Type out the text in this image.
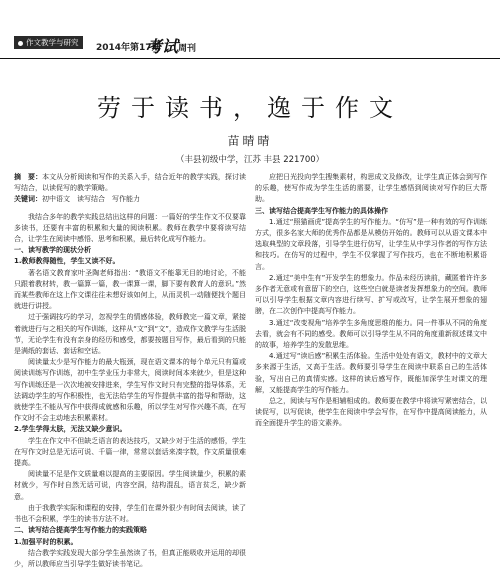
作文教学与研究
2014年第17期
考试 周刊
劳于读书，逸于作文
苗晴晴
（丰县初级中学，江苏 丰县 221700）

摘　要：本文从分析阅读和写作的关系入手，结合近年的教学实践，探讨读写结合，以读促写的教学策略。

关键词：初中语文　读写结合　写作能力

我结合多年的教学实践总结出这样的问题：一篇好的学生作文不仅要靠多读书，还要有丰富的积累和大量的阅读积累。教师在教学中要将读写结合，让学生在阅读中感悟、思考和积累，最后转化成写作能力。

一、读写教学的现状分析

1.教师教得随性，学生又读不好。

著名语文教育家叶圣陶老师指出：“教语文不能靠无目的地讨论，不能只跟着教材转，教一篇算一篇，教一课算一课，脚下要有教育人的意识。”然而某些教师在这上作文课往往未想好该如何上，从而灵机一动随便找个题目就进行讲授。

过于强调技巧的学习，忽视学生的情感体验，教师教完一篇文章，紧接着就进行与之相关的写作训练，这样从“文”到“文”，造成作文教学与生活脱节，无论学生有没有亲身的经历和感受，都要按题目写作，最后看到的只能是满纸的套话、套话和空话。

阅读量太少是写作能力的最大瓶颈，现在语文课本的每个单元只有篇或阅读训练写作训练，初中生学业压力非常大，阅读时间本来就少，但是这种写作训练还是一次次地被安排进来，学生写作文时只有完整的指导体系，无法调动学生的写作积极性，也无法给学生的写作提供丰富的指导和帮助，这就使学生不能从写作中获得成就感和乐趣，所以学生对写作兴趣不高，在写作文时不会主动地去积累素材。

2.学生学得太肤，无法又缺少意识。

学生在作文中不但缺乏语言的表达技巧，又缺少对于生活的感悟，学生在写作文时总是无话可说、千篇一律，常常以套话来凑字数，作文质量很难提高。

阅读量不足是作文质量难以提高的主要原因。学生阅读量少，积累的素材就少，写作时自然无话可说，内容空洞，结构混乱，语言贫乏，缺少新意。

由于我教学实际和课程的安排，学生们在课外很少有时间去阅读，读了书也不会积累，学生的读书方法不对。

二、读写结合提高学生写作能力的实践策略

1.加强平时的积累。

结合教学实践发现大部分学生虽然读了书，但真正能吸收并运用的却很少，所以教师应当引导学生做好读书笔记。

应把日光投向学生搜集素材，构思成文及修改，让学生真正体会到写作的乐趣，使写作成为学生生活的需要，让学生感悟到阅读对写作的巨大帮助。

三、读写结合提高学生写作能力的具体操作

1.通过“照猫画虎”提高学生的写作能力。“仿写”是一种有效的写作训练方式，很多名家大师的优秀作品都是从模仿开始的。教师可以从语文课本中选取典型的文章段落，引导学生进行仿写，让学生从中学习作者的写作方法和技巧。在仿写的过程中，学生不仅掌握了写作技巧，也在不断地积累语言。

2.通过“美中生有”开发学生的想象力。作品未经历读前，藏匿着许许多多作者无意或有意留下的空白，这些空白就是读者发挥想象力的空间。教师可以引导学生根据文章内容进行续写、扩写或改写，让学生展开想象的翅膀，在二次创作中提高写作能力。

3.通过“改变视角”培养学生多角度思维的能力。同一件事从不同的角度去看，就会有不同的感受。教师可以引导学生从不同的角度重新叙述课文中的故事，培养学生的发散思维。

4.通过写“读后感”积累生活体验。生活中处处有语文，教材中的文章大多来源于生活，又高于生活。教师要引导学生在阅读中联系自己的生活体验，写出自己的真情实感。这样的读后感写作，既能加深学生对课文的理解，又能提高学生的写作能力。

总之，阅读与写作是相辅相成的。教师要在教学中将读写紧密结合，以读促写，以写促读，使学生在阅读中学会写作，在写作中提高阅读能力，从而全面提升学生的语文素养。
